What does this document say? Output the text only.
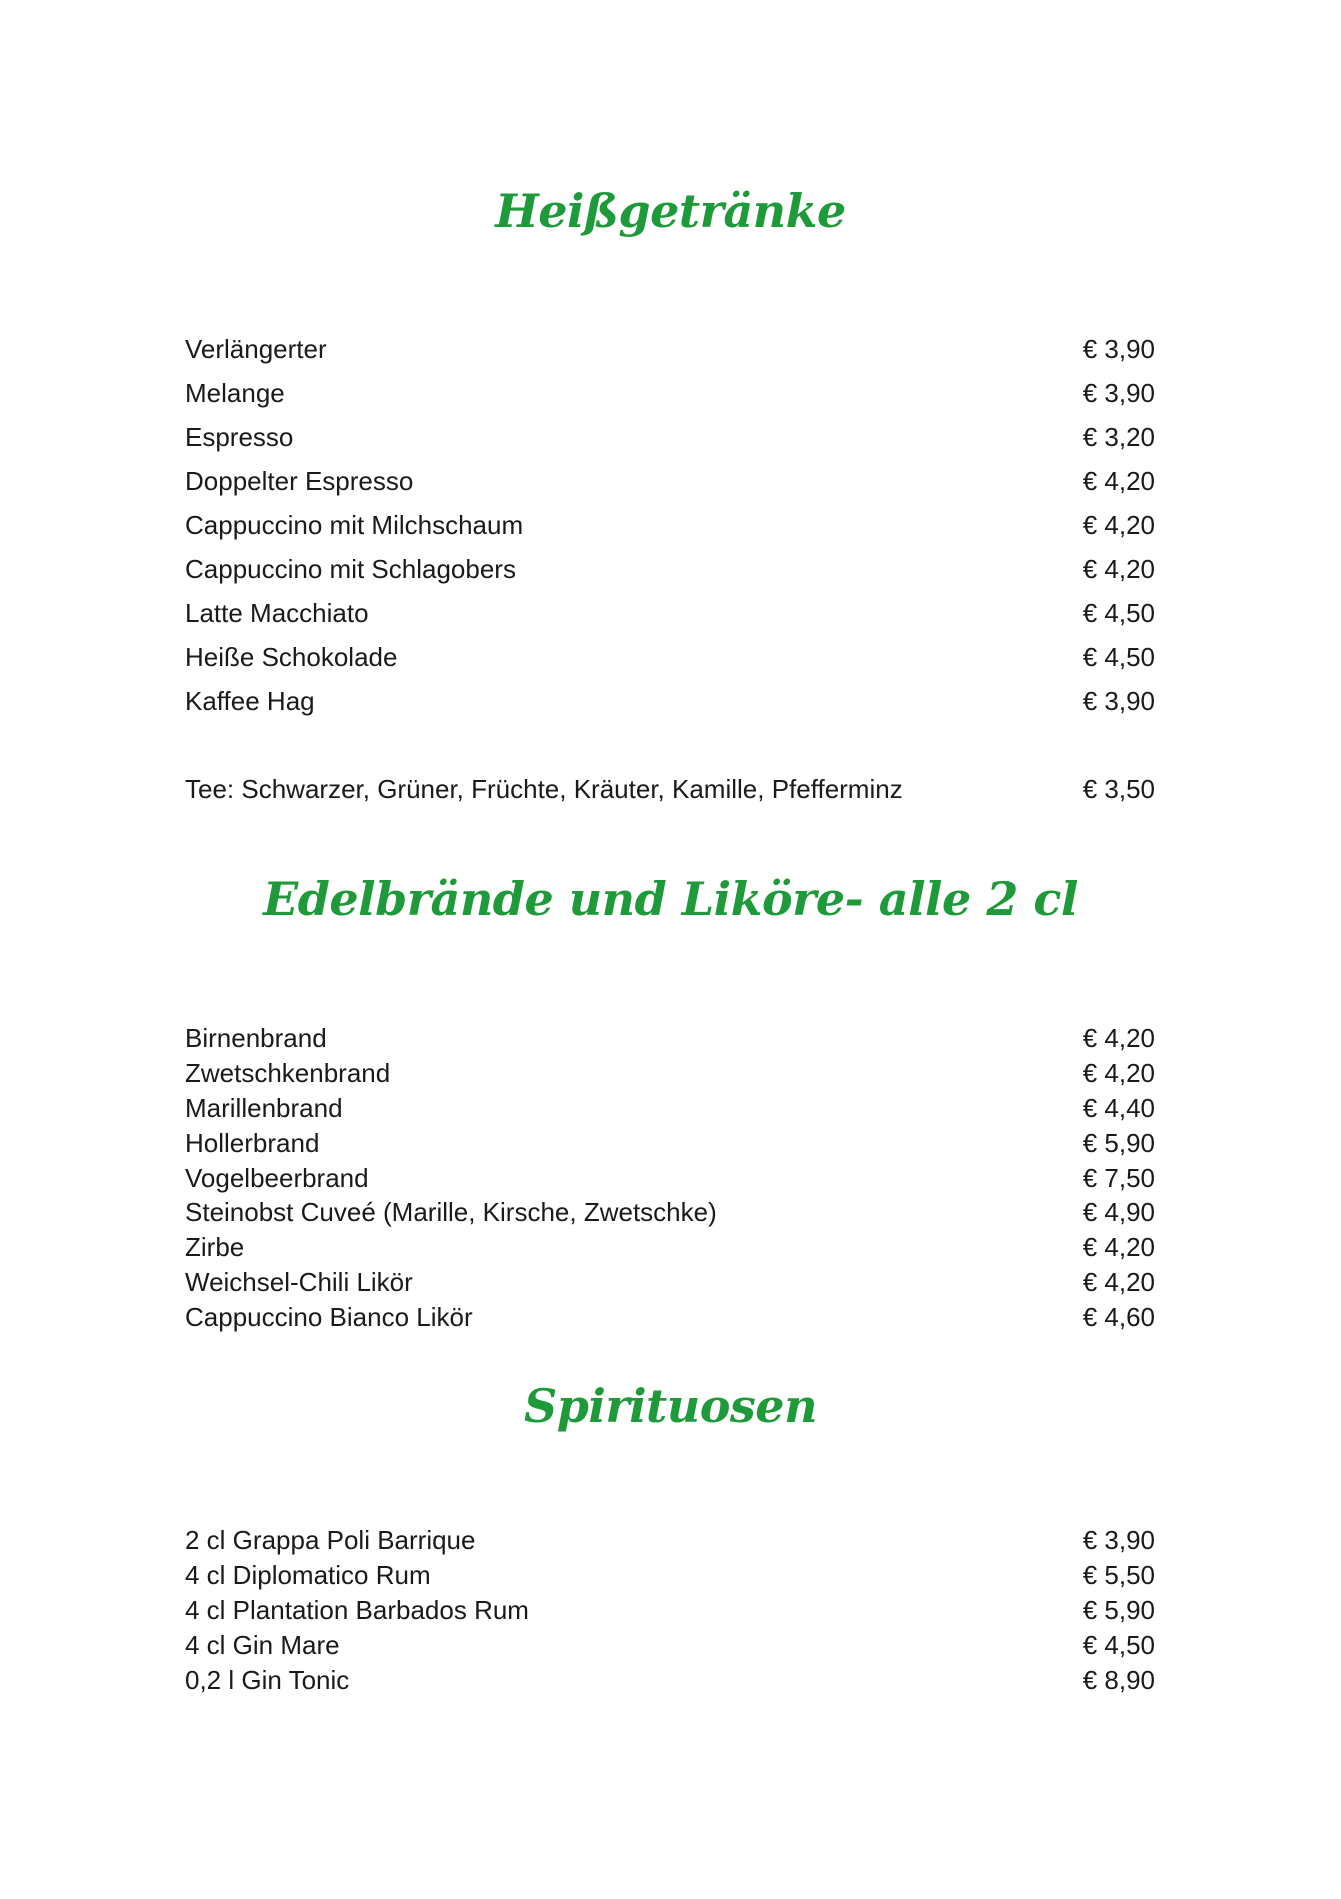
Heißgetränke
Verlängerter	€ 3,90
Melange	€ 3,90
Espresso	€ 3,20
Doppelter Espresso	€ 4,20
Cappuccino mit Milchschaum	€ 4,20
Cappuccino mit Schlagobers	€ 4,20
Latte Macchiato	€ 4,50
Heiße Schokolade	€ 4,50
Kaffee Hag	€ 3,90
Tee: Schwarzer, Grüner, Früchte, Kräuter, Kamille, Pfefferminz	€ 3,50
Edelbrände und Liköre- alle 2 cl
Birnenbrand	€ 4,20
Zwetschkenbrand	€ 4,20
Marillenbrand	€ 4,40
Hollerbrand	€ 5,90
Vogelbeerbrand	€ 7,50
Steinobst Cuveé (Marille, Kirsche, Zwetschke)	€ 4,90
Zirbe	€ 4,20
Weichsel-Chili Likör	€ 4,20
Cappuccino Bianco Likör	€ 4,60
Spirituosen
2 cl Grappa Poli Barrique	€ 3,90
4 cl Diplomatico Rum	€ 5,50
4 cl Plantation Barbados Rum	€ 5,90
4 cl Gin Mare	€ 4,50
0,2 l Gin Tonic	€ 8,90
